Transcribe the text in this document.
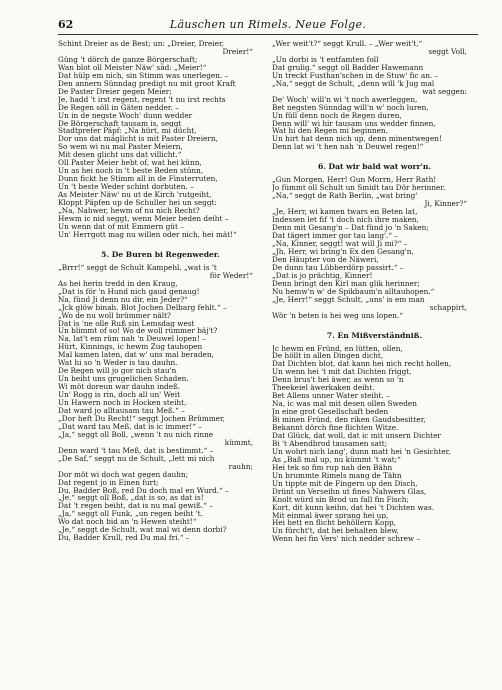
62	Läuschen un Rimels. Neue Folge.
Schint Dreier as de Best; un: „Dreier, Dreier,
Dreier!“
Güng 't dörch de ganze Börgerschaft;
Wan blot oll Meister Näw' säd: „Meier!“
Dat hülp em nich, sin Stimm was unerlegen. –
Den annern Sünndag predigt nu mit groot Kraft
De Paster Dreier gegen Meier;
Je, hadd 't irst regent, regent 't nu irst rechts
De Regen söll in Gäten nedder. –
Un in de negste Woch' dunn wedder
De Börgerschaft tausam is, seggt
Stadtprefer Päpf: „Na hürt, mi dücht,
Dor uns dat mäglicht is mit Paster Dreiern,
So wem wi nu mal Paster Meiern,
Mit desen glicht uns dat villicht.“
Oll Paster Meier hebt of, wat hei künn,
Un as hei noch in 't beste Beden stünn,
Dunn fickt he Stimm all in de Finsterruten,
Un 't beste Weder schint dorbuten. –
As Meister Näw' nu ut de Kirch 'rutgeiht,
Kloppt Päpfen up de Schuller hei un seggt:
„Na, Nahwer, hewm of nu nich Recht?
Hewm ic nid seggt, wenn Meier beden deiht –
Un wenn dat of mit Emmern güt –
Un' Herrgott mag nu willen oder nich, hei mät!“
5. De Buren bi Regenweder.
„Brrr!“ seggt de Schult Kampehl, „wat is 't
för Weder!“
As hei herin tredd in den Kraug,
„Dat is för 'n Hund nich gaud genaug!
Na, fünd Ji denn nu dir, ein Jeder?“
„Jck glöw binah. Blot Jochen Delbarg fehlt.“ –
„Wo de nu woll brümmer nält?
Dat is 'ne olle Ruß sin Lemsdag west
Un blimmt of so! Wo de woll rümmer bäj't?
Na, lat't em rüm nah 'n Deuwel lopen! –
Hürt, Kinnings, ic hewm Zug tauhopen
Mal kamen laten, dat w' uns mal beraden,
Wat hi so 'n Weder is tau dauhn.
De Regen will jo gor nich stau'n
Un beiht uns grugelichen Schaden.
Wi möt doreun war dauhn indeß.
Un' Rogg is rin, doch all un' Weit
Un Hawern noch in Hocken steiht,
Dat ward jo alltausam tau Meß.“ –
„Dor heft Du Recht!“ seggt Jochen Brümmer,
„Dat ward tau Meß, dat is ic immer!“ –
„Ja,“ seggt oll Boll, „wenn 't nu nich rinne
kümmt,
Denn ward 't tau Meß, dat is bestimmt.“ –
„De Saf,“ seggt nu de Schult, „lett mi nich
rauhn;
Dor möt wi doch wat gegen dauhn;
Dat regent jo in Einen furt;
Du, Badder Boß, red Du doch mal en Wurd.“ –
„Je,“ seggt oll Boß, „dat is so, as dat is!
Dat 't regen beiht, dat is nu mal gewiß.“ –
„Ja,“ seggt oll Funk, „un regen beiht 't.
Wo dat noch bid an 'n Hewen steiht!“
„Je,“ seggt de Schult, wat mal wi denn dorbi?
Du, Badder Krull, red Du mal fri.“ –
„Wer weit't?“ seggt Krull. – „Wer weit't,“
seggt Voll,
„Un dorbi is 't entfamten foll
Dat grulig.“ seggt oll Badder Hawemann
Un treckt Fusthan'schen in de Stuw' fic an. –
„Na,“ seggt de Schult, „denn will 'k Jug mal
wat seggen:
De' Woch' will'n wi 't noch awerleggen,
Bet negsten Sünndag will'n w' noch luren,
Un füll denn noch de Regen duren,
Denn will' wi hir tausam uns wedder finnen,
Wat hi den Regen mi beginnen.
Un hirt hat denn nich up, denn minentwegen!
Denn lat wi 't hen nah 'n Deuwel regen!“
6. Dat wir bald wat worr'n.
„Gun Morgen, Herr! Gun Morrn, Herr Rath!
Jo fümmt oll Schult un Smidt tau Dör herinner.
„Na,“ seggt de Rath Berlin, „wat bring'
Ji, Kinner?“
„Je, Herr, wi kamen twars en Beten lat,
Indessen let fif 't doch nich ihre maken,
Denn mit Gesang'n – Dat fünd jo 'n Saken;
Dat tägert immer gor tau lang'.“ –
„Na, Kinner, seggt! wat will Ji mi?“ –
„Jh, Herr, wi bring'n Ex den Gesang'n,
Den Häupter von de Näweri,
De dunn tau Lübberdörp passirt.“ –
„Dat is jo prächtig, Kinner!
Denn bringt den Kirl man glik herinner;
Nu hemw'n w' de Spikbaum'n alltauhopen.“
„Je, Herr!“ seggt Schult, „uns' is em man
schappirt,
Wör 'n beten is hei weg uns lopen.“
7. En Mißverständniß.
Jc hewm en Fründ, en lütten, ollen,
De höllt in allen Dingen dicht,
Dat Dichten blot, dat kann hei nich recht hollen,
Un wenn hei 't mit dat Dichten friggt,
Denn brus't hei äwer, as wenn so 'n
Theekeiel äwerkaken deiht.
Bet Allens unner Water steiht. –
Na, ic was mal mit desen ollen Sweden
Jn eine grot Gesellschaft beden
Bi minen Fründ, den riken Gaudsbesitter,
Bekannt dörch fine flichten Witze.
Dat Glück, dat woll, dat ic mit unsern Dichter
Bi 't Abendbrod tausamen satt;
Un wohrt nich lang', dunn matt hei 'n Gesichter,
As „Baß mal up, nu kümmt 't wat;“
Hei tek so fim rup nah den Bähn
Un brummte Rimels mang de Tähn
Un tippte mit de Fingern up den Disch,
Drünt un Verseihn ut fines Nahwers Glas,
Knolt würd sin Brod un fall fin Fisch;
Kort, dit kunn keihn, dat hei 't Dichten was.
Mit einmal äwer sprang hei up,
Hei hett en flicht behöllern Kopp,
Un fürcht't, dat hei behalten blew,
Wenn hei fin Vers' nich nedder schrew –
